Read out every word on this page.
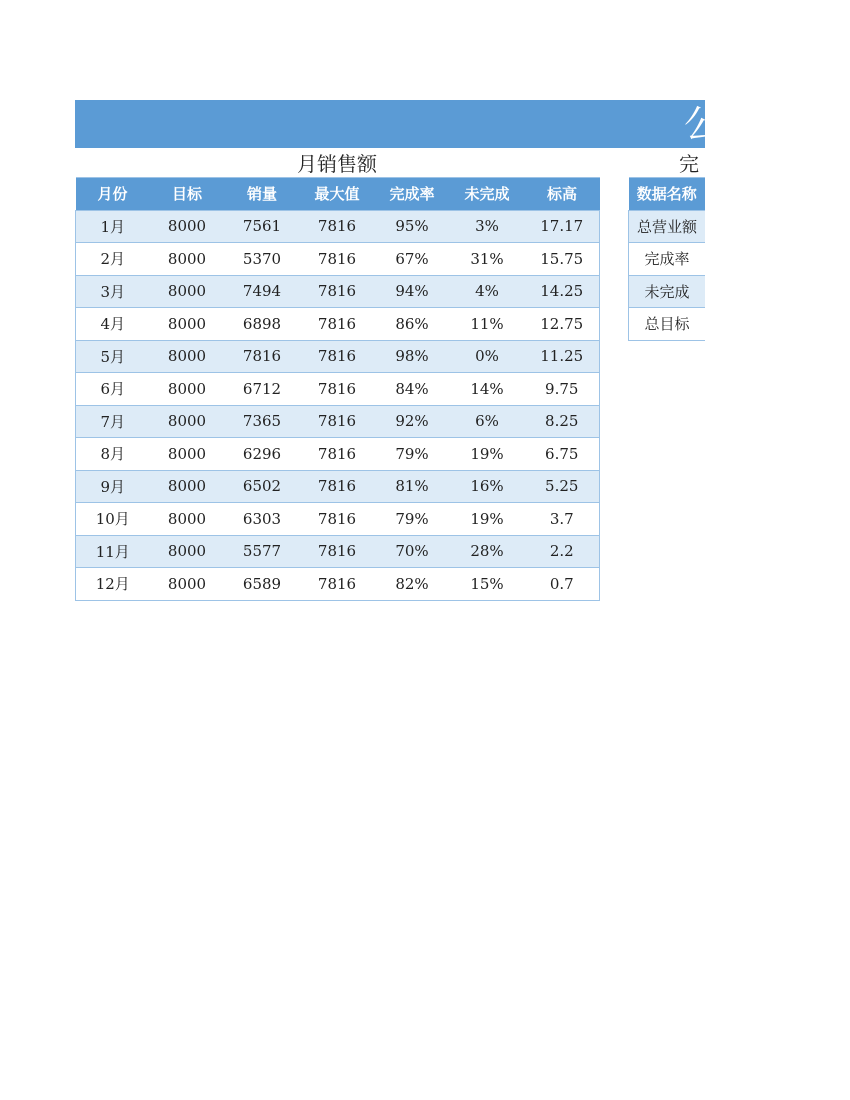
公
月销售额	完
月份	目标	销量	最大值	完成率	未完成	标高
1月	8000	7561	7816	95%	3%	17.17
2月	8000	5370	7816	67%	31%	15.75
3月	8000	7494	7816	94%	4%	14.25
4月	8000	6898	7816	86%	11%	12.75
5月	8000	7816	7816	98%	0%	11.25
6月	8000	6712	7816	84%	14%	9.75
7月	8000	7365	7816	92%	6%	8.25
8月	8000	6296	7816	79%	19%	6.75
9月	8000	6502	7816	81%	16%	5.25
10月	8000	6303	7816	79%	19%	3.7
11月	8000	5577	7816	70%	28%	2.2
12月	8000	6589	7816	82%	15%	0.7
数据名称
总营业额
完成率
未完成
总目标
